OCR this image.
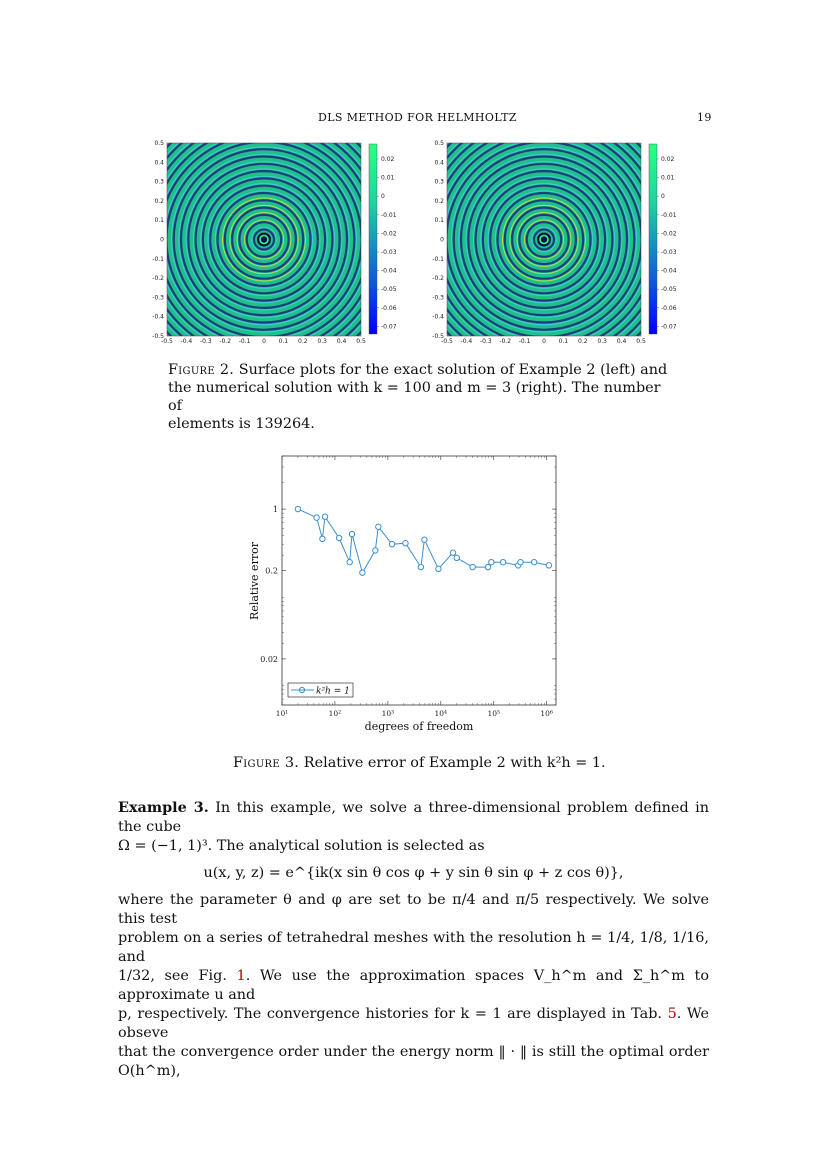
DLS METHOD FOR HELMHOLTZ	19
-0.5
-0.5
-0.4
-0.4
-0.3
-0.3
-0.2
-0.2
-0.1
-0.1
0
0
0.1
0.1
0.2
0.2
0.3
0.3
0.4
0.4
0.5
0.5
0.02
0.01
0
-0.01
-0.02
-0.03
-0.04
-0.05
-0.06
-0.07
-0.5
-0.5
-0.4
-0.4
-0.3
-0.3
-0.2
-0.2
-0.1
-0.1
0
0
0.1
0.1
0.2
0.2
0.3
0.3
0.4
0.4
0.5
0.5
0.02
0.01
0
-0.01
-0.02
-0.03
-0.04
-0.05
-0.06
-0.07
Figure 2. Surface plots for the exact solution of Example 2 (left) and
the numerical solution with k = 100 and m = 3 (right). The number of
elements is 139264.
10¹	10²	10³	10⁴	10⁵	10⁶
1
0.2
0.02
k²h = 1
degrees of freedom
Relative error
Figure 3. Relative error of Example 2 with k²h = 1.
Example 3. In this example, we solve a three-dimensional problem defined in the cube
Ω = (−1, 1)³. The analytical solution is selected as
u(x, y, z) = e^{ik(x sin θ cos φ + y sin θ sin φ + z cos θ)},
where the parameter θ and φ are set to be π/4 and π/5 respectively. We solve this test
problem on a series of tetrahedral meshes with the resolution h = 1/4, 1/8, 1/16, and
1/32, see Fig. 1. We use the approximation spaces V_h^m and Σ_h^m to approximate u and
p, respectively. The convergence histories for k = 1 are displayed in Tab. 5. We obseve
that the convergence order under the energy norm ‖ · ‖ is still the optimal order O(h^m),
